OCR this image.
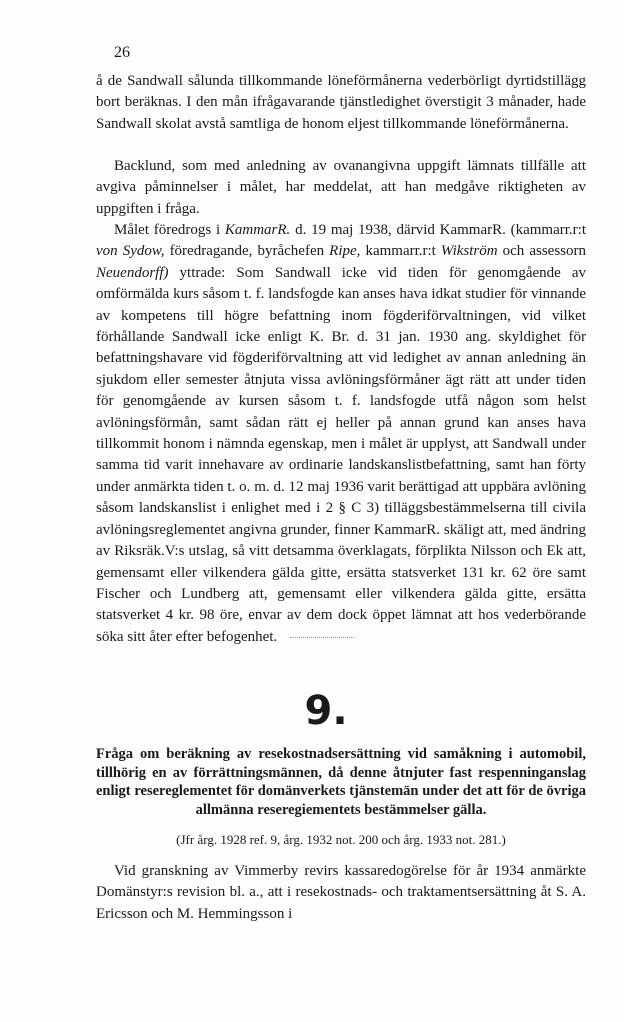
26

å de Sandwall sålunda tillkommande löneförmånerna vederbörligt dyrtidstillägg bort beräknas. I den mån ifrågavarande tjänstledighet överstigit 3 månader, hade Sandwall skolat avstå samtliga de honom eljest tillkommande löneförmånerna.

Backlund, som med anledning av ovanangivna uppgift lämnats tillfälle att avgiva påminnelser i målet, har meddelat, att han medgåve riktigheten av uppgiften i fråga.

Målet föredrogs i KammarR. d. 19 maj 1938, därvid KammarR. (kammarr.r:t von Sydow, föredragande, byråchefen Ripe, kammarr.r:t Wikström och assessorn Neuendorff) yttrade: Som Sandwall icke vid tiden för genomgående av omförmälda kurs såsom t. f. landsfogde kan anses hava idkat studier för vinnande av kompetens till högre befattning inom fögderiförvaltningen, vid vilket förhållande Sandwall icke enligt K. Br. d. 31 jan. 1930 ang. skyldighet för befattningshavare vid fögderiförvaltning att vid ledighet av annan anledning än sjukdom eller semester åtnjuta vissa avlöningsförmåner ägt rätt att under tiden för genomgående av kursen såsom t. f. landsfogde utfå någon som helst avlöningsförmån, samt sådan rätt ej heller på annan grund kan anses hava tillkommit honom i nämnda egenskap, men i målet är upplyst, att Sandwall under samma tid varit innehavare av ordinarie landskanslistbefattning, samt han förty under anmärkta tiden t. o. m. d. 12 maj 1936 varit berättigad att uppbära avlöning såsom landskanslist i enlighet med i 2 § C 3) tilläggsbestämmelserna till civila avlöningsreglementet angivna grunder, finner KammarR. skäligt att, med ändring av Riksräk.V:s utslag, så vitt detsamma överklagats, förplikta Nilsson och Ek att, gemensamt eller vilkendera gälda gitte, ersätta statsverket 131 kr. 62 öre samt Fischer och Lundberg att, gemensamt eller vilkendera gälda gitte, ersätta statsverket 4 kr. 98 öre, envar av dem dock öppet lämnat att hos vederbörande söka sitt åter efter befogenhet.

9.

Fråga om beräkning av resekostnadsersättning vid samåkning i automobil, tillhörig en av förrättningsmännen, då denne åtnjuter fast respenninganslag enligt resereglementet för domänverkets tjänstemän under det att för de övriga allmänna reseregiementets bestämmelser gälla.

(Jfr årg. 1928 ref. 9, årg. 1932 not. 200 och årg. 1933 not. 281.)

Vid granskning av Vimmerby revirs kassaredogörelse för år 1934 anmärkte Domänstyr:s revision bl. a., att i resekostnads- och traktamentsersättning åt S. A. Ericsson och M. Hemmingsson i
